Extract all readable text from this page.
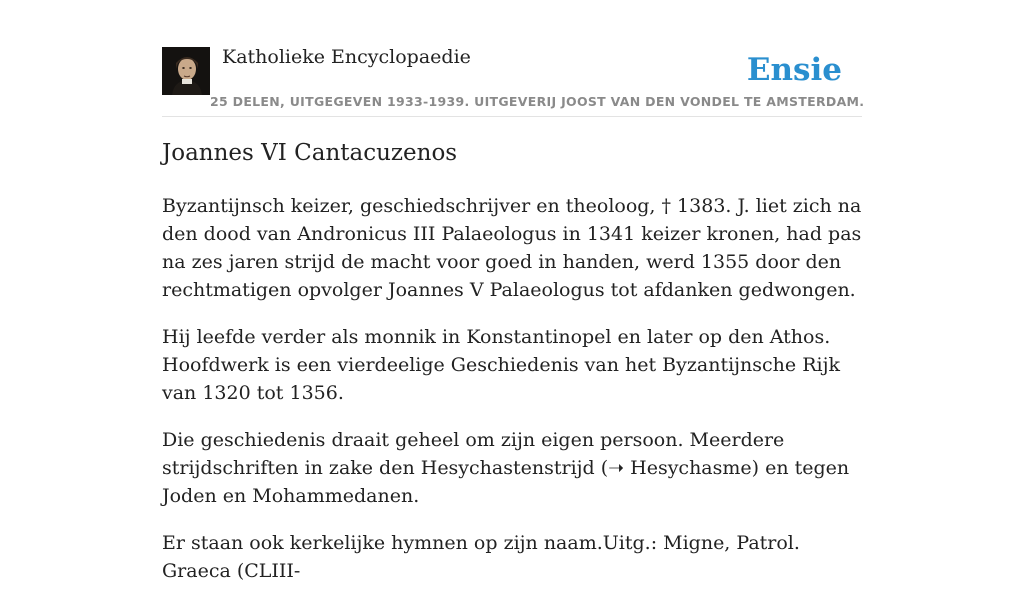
Katholieke Encyclopaedie	Ensie
25 DELEN, UITGEGEVEN 1933-1939. UITGEVERIJ JOOST VAN DEN VONDEL TE AMSTERDAM.
Joannes VI Cantacuzenos

Byzantijnsch keizer, geschiedschrijver en theoloog, † 1383. J. liet zich na den dood van Andronicus III Palaeologus in 1341 keizer kronen, had pas na zes jaren strijd de macht voor goed in handen, werd 1355 door den rechtmatigen opvolger Joannes V Palaeologus tot afdanken gedwongen.

Hij leefde verder als monnik in Konstantinopel en later op den Athos. Hoofdwerk is een vierdeelige Geschiedenis van het Byzantijnsche Rijk van 1320 tot 1356.

Die geschiedenis draait geheel om zijn eigen persoon. Meerdere strijdschriften in zake den Hesychastenstrijd (➝ Hesychasme) en tegen Joden en Mohammedanen.

Er staan ook kerkelijke hymnen op zijn naam.Uitg.: Migne, Patrol. Graeca (CLIII-
